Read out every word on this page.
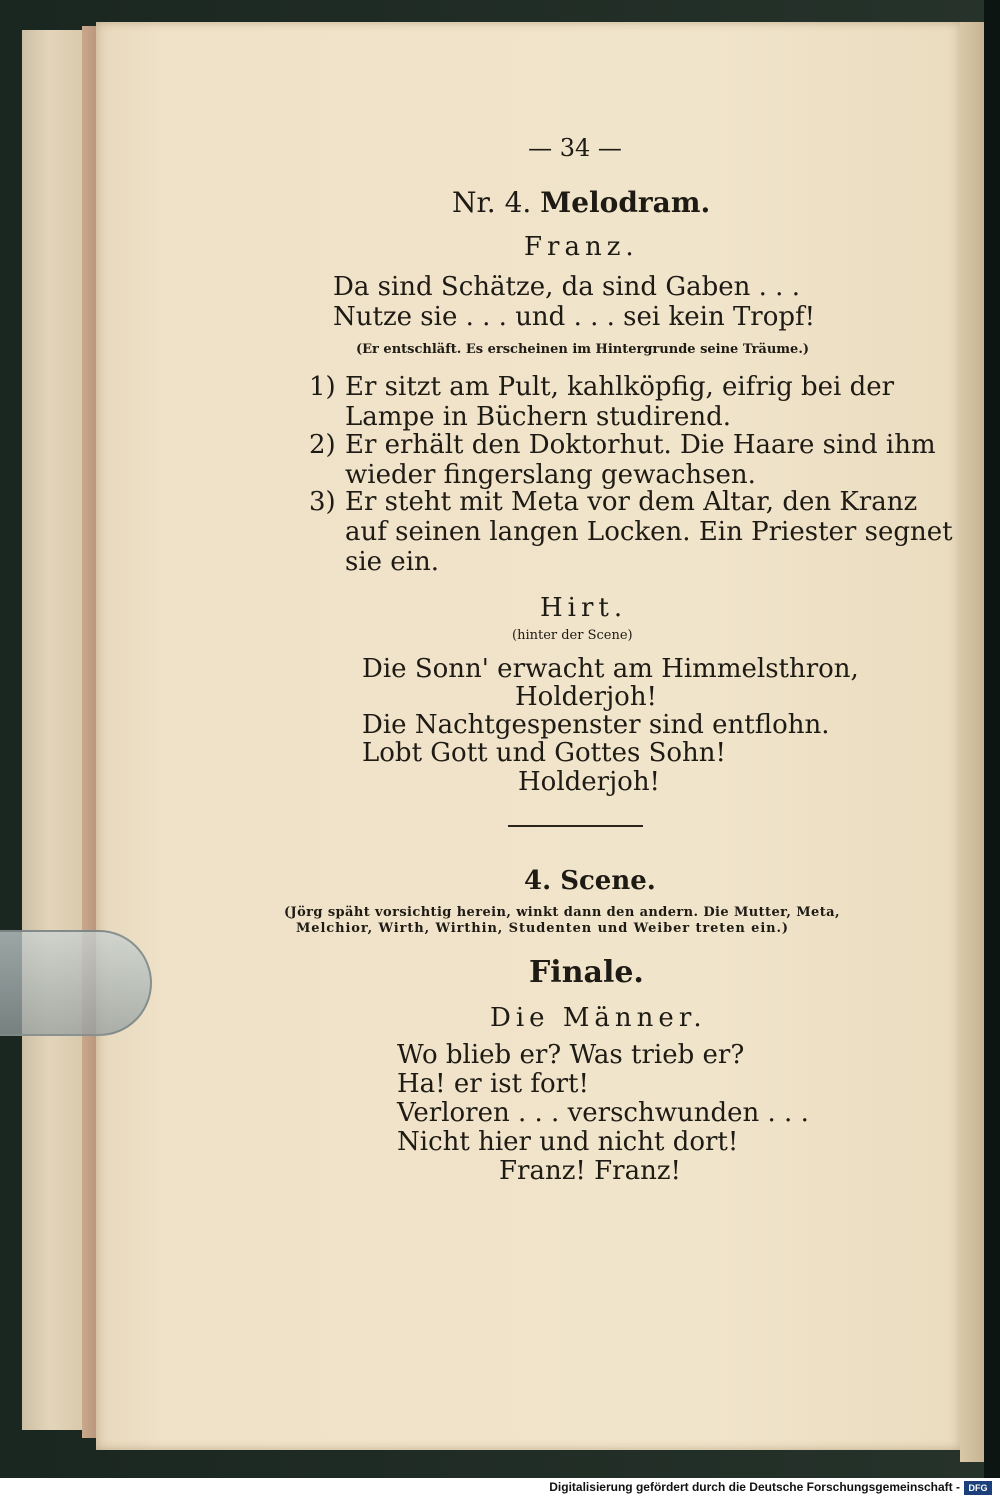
— 34 —
Nr. 4. Melodram.
Franz.
Da sind Schätze, da sind Gaben . . .
Nutze sie . . . und . . . sei kein Tropf!
(Er entschläft. Es erscheinen im Hintergrunde seine Träume.)
1) Er sitzt am Pult, kahlköpfig, eifrig bei der
Lampe in Büchern studirend.
2) Er erhält den Doktorhut. Die Haare sind ihm
wieder fingerslang gewachsen.
3) Er steht mit Meta vor dem Altar, den Kranz
auf seinen langen Locken. Ein Priester segnet
sie ein.
Hirt.
(hinter der Scene)
Die Sonn' erwacht am Himmelsthron,
Holderjoh!
Die Nachtgespenster sind entflohn.
Lobt Gott und Gottes Sohn!
Holderjoh!
4. Scene.
(Jörg späht vorsichtig herein, winkt dann den andern. Die Mutter, Meta,
Melchior, Wirth, Wirthin, Studenten und Weiber treten ein.)
Finale.
Die Männer.
Wo blieb er? Was trieb er?
Ha! er ist fort!
Verloren . . . verschwunden . . .
Nicht hier und nicht dort!
Franz! Franz!
Digitalisierung gefördert durch die Deutsche Forschungsgemeinschaft - DFG
